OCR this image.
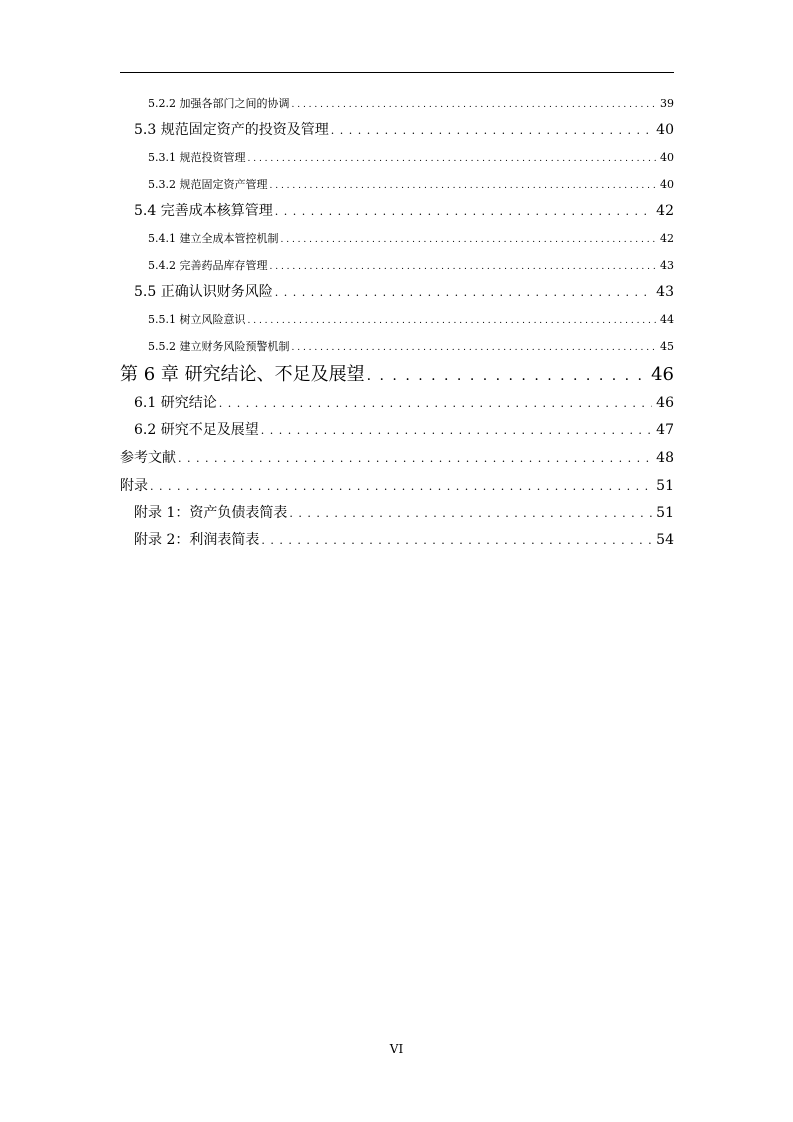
5.2.2 加强各部门之间的协调 . . .	39
5.3 规范固定资产的投资及管理 . . .	40
5.3.1 规范投资管理 . . .	40
5.3.2 规范固定资产管理 . . .	40
5.4 完善成本核算管理 . . .	42
5.4.1 建立全成本管控机制 . . .	42
5.4.2 完善药品库存管理 . . .	43
5.5 正确认识财务风险 . . .	43
5.5.1 树立风险意识 . . .	44
5.5.2 建立财务风险预警机制 . . .	45
第 6 章 研究结论、不足及展望 . . .	46
6.1 研究结论 . . .	46
6.2 研究不足及展望 . . .	47
参考文献 . . .	48
附录 . . .	51
附录 1：资产负债表简表 . . .	51
附录 2：利润表简表 . . .	54
VI
